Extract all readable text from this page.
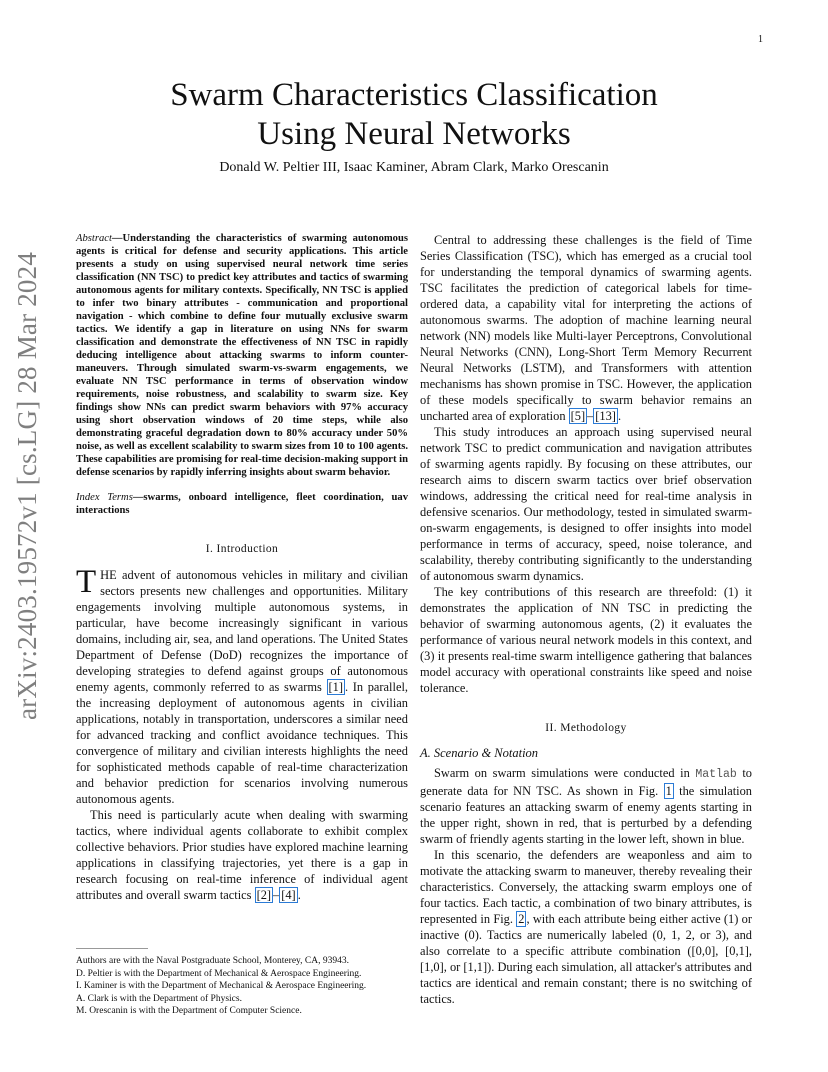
1
arXiv:2403.19572v1 [cs.LG] 28 Mar 2024
Swarm Characteristics Classification
Using Neural Networks
Donald W. Peltier III, Isaac Kaminer, Abram Clark, Marko Orescanin

Abstract—Understanding the characteristics of swarming autonomous agents is critical for defense and security applications. This article presents a study on using supervised neural network time series classification (NN TSC) to predict key attributes and tactics of swarming autonomous agents for military contexts. Specifically, NN TSC is applied to infer two binary attributes - communication and proportional navigation - which combine to define four mutually exclusive swarm tactics. We identify a gap in literature on using NNs for swarm classification and demonstrate the effectiveness of NN TSC in rapidly deducing intelligence about attacking swarms to inform counter-maneuvers. Through simulated swarm-vs-swarm engagements, we evaluate NN TSC performance in terms of observation window requirements, noise robustness, and scalability to swarm size. Key findings show NNs can predict swarm behaviors with 97% accuracy using short observation windows of 20 time steps, while also demonstrating graceful degradation down to 80% accuracy under 50% noise, as well as excellent scalability to swarm sizes from 10 to 100 agents. These capabilities are promising for real-time decision-making support in defense scenarios by rapidly inferring insights about swarm behavior.

Index Terms—swarms, onboard intelligence, fleet coordination, uav interactions

I. Introduction

THE advent of autonomous vehicles in military and civilian sectors presents new challenges and opportunities. Military engagements involving multiple autonomous systems, in particular, have become increasingly significant in various domains, including air, sea, and land operations. The United States Department of Defense (DoD) recognizes the importance of developing strategies to defend against groups of autonomous enemy agents, commonly referred to as swarms [1] . In parallel, the increasing deployment of autonomous agents in civilian applications, notably in transportation, underscores a similar need for advanced tracking and conflict avoidance techniques. This convergence of military and civilian interests highlights the need for sophisticated methods capable of real-time characterization and behavior prediction for scenarios involving numerous autonomous agents.

This need is particularly acute when dealing with swarming tactics, where individual agents collaborate to exhibit complex collective behaviors. Prior studies have explored machine learning applications in classifying trajectories, yet there is a gap in research focusing on real-time inference of individual agent attributes and overall swarm tactics [2] – [4] .

Authors are with the Naval Postgraduate School, Monterey, CA, 93943.
D. Peltier is with the Department of Mechanical & Aerospace Engineering.
I. Kaminer is with the Department of Mechanical & Aerospace Engineering.
A. Clark is with the Department of Physics.
M. Orescanin is with the Department of Computer Science.

Central to addressing these challenges is the field of Time Series Classification (TSC), which has emerged as a crucial tool for understanding the temporal dynamics of swarming agents. TSC facilitates the prediction of categorical labels for time-ordered data, a capability vital for interpreting the actions of autonomous swarms. The adoption of machine learning neural network (NN) models like Multi-layer Perceptrons, Convolutional Neural Networks (CNN), Long-Short Term Memory Recurrent Neural Networks (LSTM), and Transformers with attention mechanisms has shown promise in TSC. However, the application of these models specifically to swarm behavior remains an uncharted area of exploration [5] – [13] .

This study introduces an approach using supervised neural network TSC to predict communication and navigation attributes of swarming agents rapidly. By focusing on these attributes, our research aims to discern swarm tactics over brief observation windows, addressing the critical need for real-time analysis in defensive scenarios. Our methodology, tested in simulated swarm-on-swarm engagements, is designed to offer insights into model performance in terms of accuracy, speed, noise tolerance, and scalability, thereby contributing significantly to the understanding of autonomous swarm dynamics.

The key contributions of this research are threefold: (1) it demonstrates the application of NN TSC in predicting the behavior of swarming autonomous agents, (2) it evaluates the performance of various neural network models in this context, and (3) it presents real-time swarm intelligence gathering that balances model accuracy with operational constraints like speed and noise tolerance.

II. Methodology
A. Scenario & Notation

Swarm on swarm simulations were conducted in Matlab to generate data for NN TSC. As shown in Fig. 1 the simulation scenario features an attacking swarm of enemy agents starting in the upper right, shown in red, that is perturbed by a defending swarm of friendly agents starting in the lower left, shown in blue.

In this scenario, the defenders are weaponless and aim to motivate the attacking swarm to maneuver, thereby revealing their characteristics. Conversely, the attacking swarm employs one of four tactics. Each tactic, a combination of two binary attributes, is represented in Fig. 2 , with each attribute being either active (1) or inactive (0). Tactics are numerically labeled (0, 1, 2, or 3), and also correlate to a specific attribute combination ([0,0], [0,1], [1,0], or [1,1]). During each simulation, all attacker's attributes and tactics are identical and remain constant; there is no switching of tactics.
